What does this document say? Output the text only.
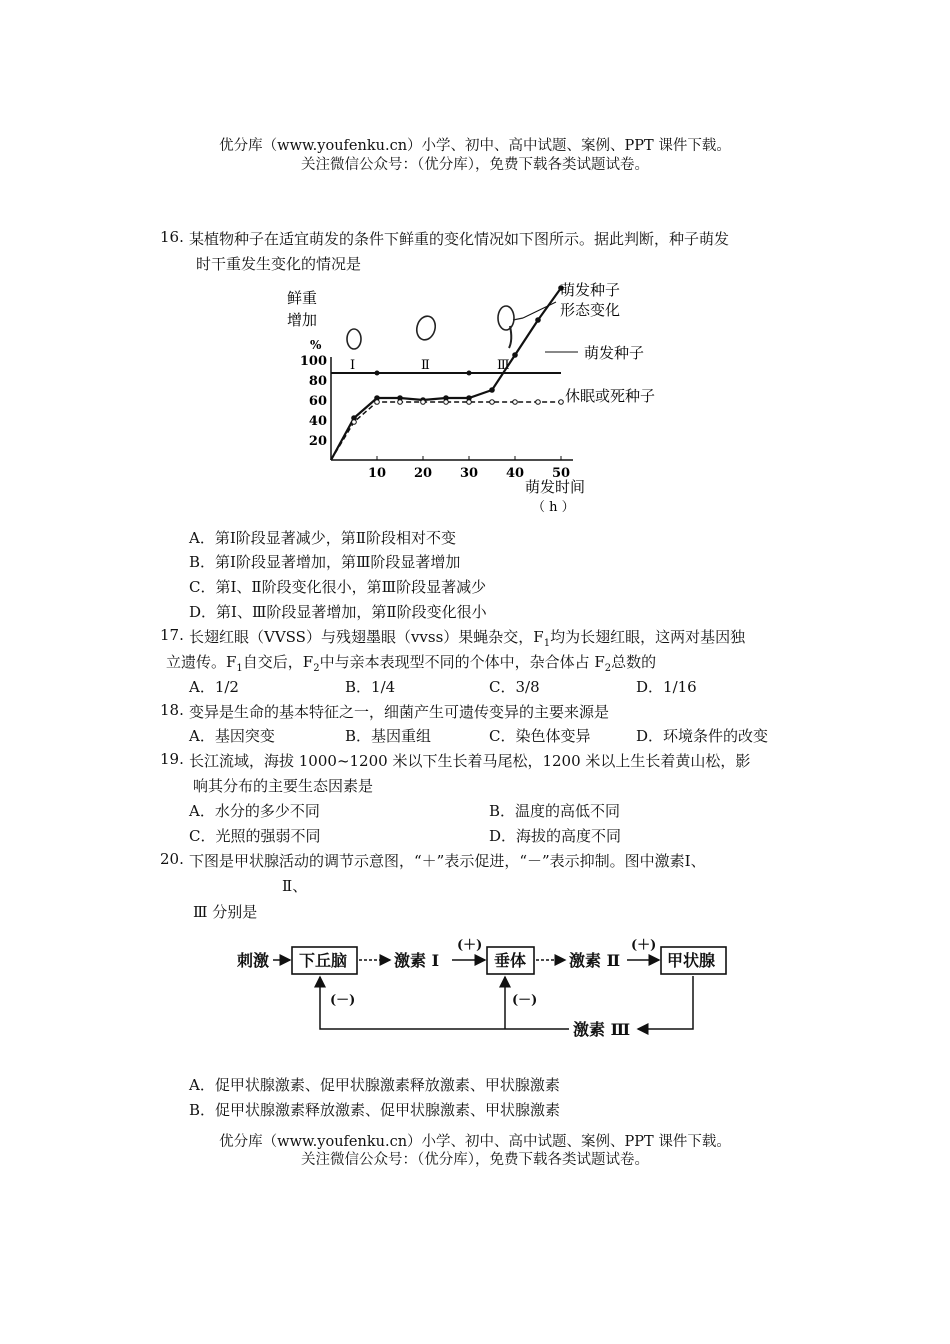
优分库（www.youfenku.cn）小学、初中、高中试题、案例、PPT 课件下载。
关注微信公众号：（优分库），免费下载各类试题试卷。
16. 某植物种子在适宜萌发的条件下鲜重的变化情况如下图所示。据此判断，种子萌发
时干重发生变化的情况是
鲜重
增加
%
100
80
60
40
20
10 20 30 40 50
Ⅰ	Ⅱ	Ⅲ
萌发种子
形态变化
萌发种子
休眠或死种子
萌发时间
（ h ）
A．第Ⅰ阶段显著减少，第Ⅱ阶段相对不变
B．第Ⅰ阶段显著增加，第Ⅲ阶段显著增加
C．第Ⅰ、Ⅱ阶段变化很小，第Ⅲ阶段显著减少
D．第Ⅰ、Ⅲ阶段显著增加，第Ⅱ阶段变化很小
17. 长翅红眼（VVSS）与残翅墨眼（vvss）果蝇杂交，$F_1$均为长翅红眼，这两对基因独
立遗传。$F_1$自交后，$F_2$中与亲本表现型不同的个体中，杂合体占 $F_2$总数的
A．1/2	B．1/4	C．3/8	D．1/16
18. 变异是生命的基本特征之一，细菌产生可遗传变异的主要来源是
A．基因突变	B．基因重组	C．染色体变异	D．环境条件的改变
19. 长江流域，海拔 1000~1200 米以下生长着马尾松，1200 米以上生长着黄山松，影
响其分布的主要生态因素是
A．水分的多少不同	B．温度的高低不同
C．光照的强弱不同	D．海拔的高度不同
20. 下图是甲状腺活动的调节示意图，“＋”表示促进，“－”表示抑制。图中激素Ⅰ、
Ⅱ、
Ⅲ 分别是
刺激 下丘脑	激素 Ⅰ	垂体	激素 Ⅱ	甲状腺
激素 Ⅲ
(＋)	(＋)
(－)	(－)
A．促甲状腺激素、促甲状腺激素释放激素、甲状腺激素
B．促甲状腺激素释放激素、促甲状腺激素、甲状腺激素
优分库（www.youfenku.cn）小学、初中、高中试题、案例、PPT 课件下载。
关注微信公众号：（优分库），免费下载各类试题试卷。
